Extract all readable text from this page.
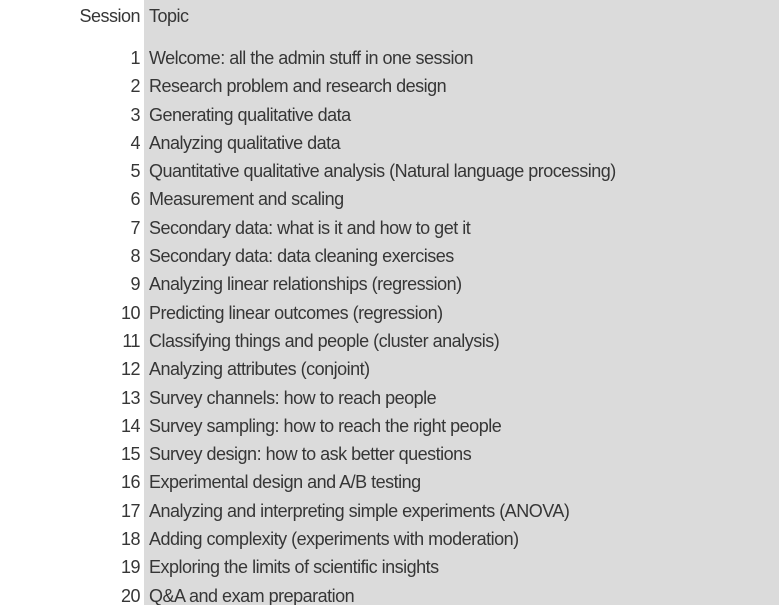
Session	Topic
1	Welcome: all the admin stuff in one session
2	Research problem and research design
3	Generating qualitative data
4	Analyzing qualitative data
5	Quantitative qualitative analysis (Natural language processing)
6	Measurement and scaling
7	Secondary data: what is it and how to get it
8	Secondary data: data cleaning exercises
9	Analyzing linear relationships (regression)
10	Predicting linear outcomes (regression)
11	Classifying things and people (cluster analysis)
12	Analyzing attributes (conjoint)
13	Survey channels: how to reach people
14	Survey sampling: how to reach the right people
15	Survey design: how to ask better questions
16	Experimental design and A/B testing
17	Analyzing and interpreting simple experiments (ANOVA)
18	Adding complexity (experiments with moderation)
19	Exploring the limits of scientific insights
20	Q&A and exam preparation
